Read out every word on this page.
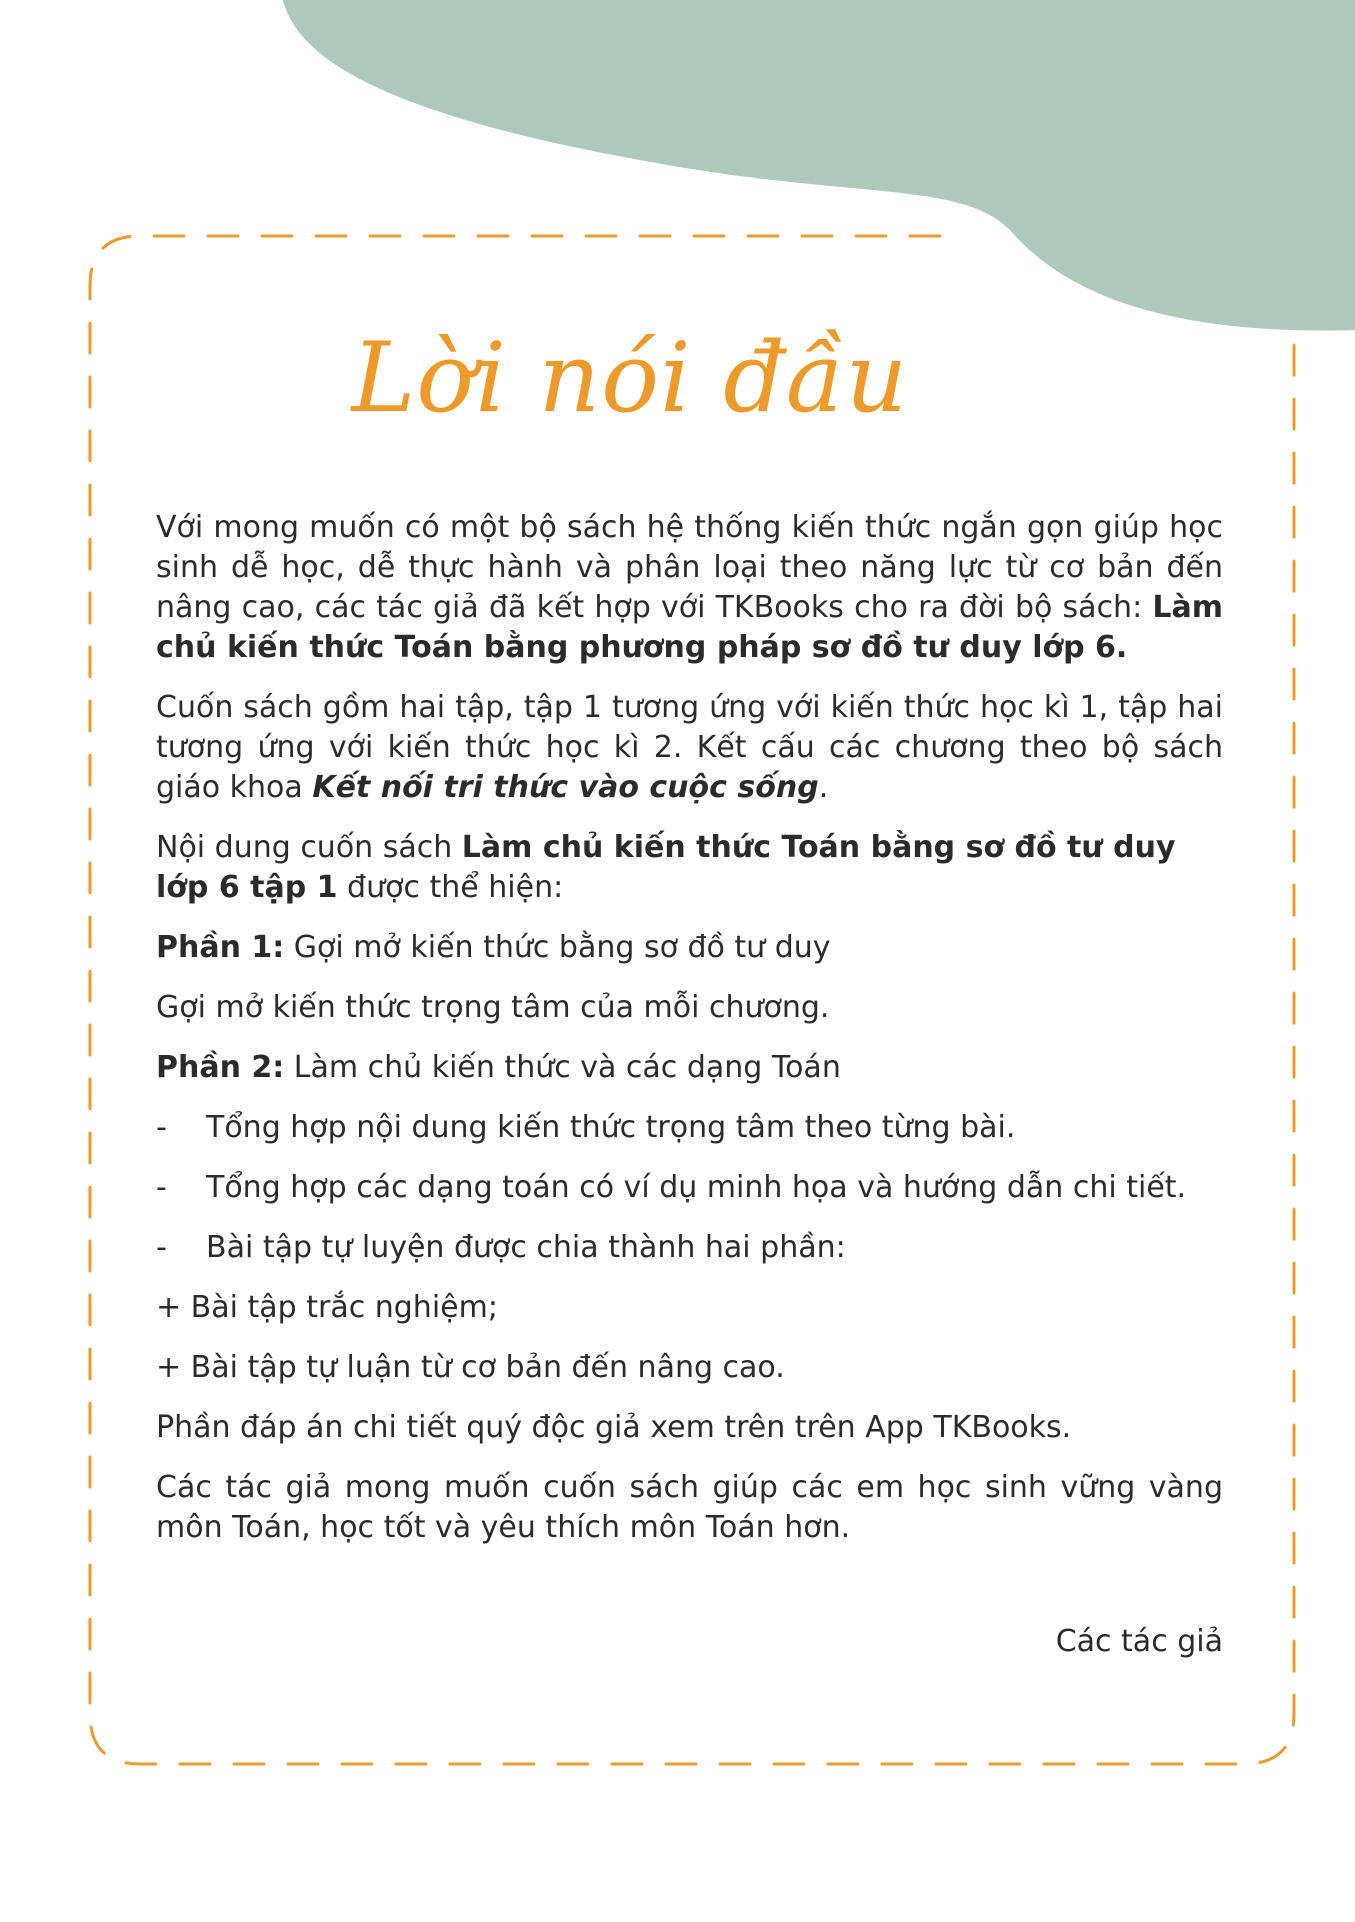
Lời nói đầu

Với mong muốn có một bộ sách hệ thống kiến thức ngắn gọn giúp học sinh dễ học, dễ thực hành và phân loại theo năng lực từ cơ bản đến nâng cao, các tác giả đã kết hợp với TKBooks cho ra đời bộ sách: Làm chủ kiến thức Toán bằng phương pháp sơ đồ tư duy lớp 6.

Cuốn sách gồm hai tập, tập 1 tương ứng với kiến thức học kì 1, tập hai tương ứng với kiến thức học kì 2. Kết cấu các chương theo bộ sách giáo khoa Kết nối tri thức vào cuộc sống.

Nội dung cuốn sách Làm chủ kiến thức Toán bằng sơ đồ tư duy lớp 6 tập 1 được thể hiện:

Phần 1: Gợi mở kiến thức bằng sơ đồ tư duy

Gợi mở kiến thức trọng tâm của mỗi chương.

Phần 2: Làm chủ kiến thức và các dạng Toán

-	Tổng hợp nội dung kiến thức trọng tâm theo từng bài.
-	Tổng hợp các dạng toán có ví dụ minh họa và hướng dẫn chi tiết.
-	Bài tập tự luyện được chia thành hai phần:

+ Bài tập trắc nghiệm;

+ Bài tập tự luận từ cơ bản đến nâng cao.

Phần đáp án chi tiết quý độc giả xem trên trên App TKBooks.

Các tác giả mong muốn cuốn sách giúp các em học sinh vững vàng môn Toán, học tốt và yêu thích môn Toán hơn.

Các tác giả
